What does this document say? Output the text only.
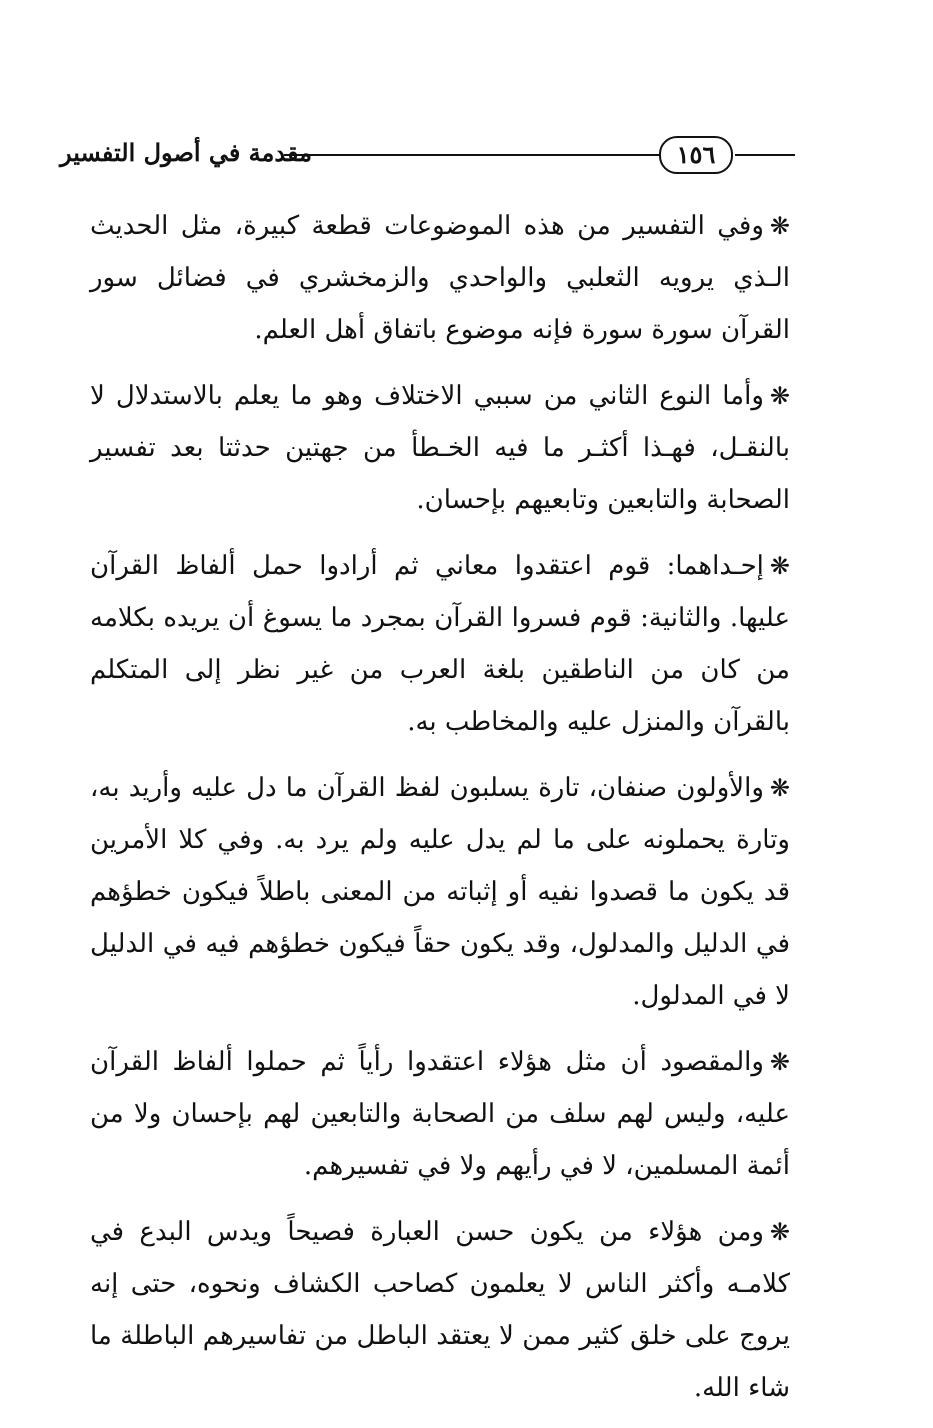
١٥٦
مقدمة في أصول التفسير

❋وفي التفسير من هذه الموضوعات قطعة كبيرة، مثل الحديث الـذي يرويه الثعلبي والواحدي والزمخشري في فضائل سور القرآن سورة سورة فإنه موضوع باتفاق أهل العلم.

❋وأما النوع الثاني من سببي الاختلاف وهو ما يعلم بالاستدلال لا بالنقـل، فهـذا أكثـر ما فيه الخـطأ من جهتين حدثتا بعد تفسير الصحابة والتابعين وتابعيهم بإحسان.

❋إحـداهما: قوم اعتقدوا معاني ثم أرادوا حمل ألفاظ القرآن عليها. والثانية: قوم فسروا القرآن بمجرد ما يسوغ أن يريده بكلامه من كان من الناطقين بلغة العرب من غير نظر إلى المتكلم بالقرآن والمنزل عليه والمخاطب به.

❋والأولون صنفان، تارة يسلبون لفظ القرآن ما دل عليه وأريد به، وتارة يحملونه على ما لم يدل عليه ولم يرد به. وفي كلا الأمرين قد يكون ما قصدوا نفيه أو إثباته من المعنى باطلاً فيكون خطؤهم في الدليل والمدلول، وقد يكون حقاً فيكون خطؤهم فيه في الدليل لا في المدلول.

❋والمقصود أن مثل هؤلاء اعتقدوا رأياً ثم حملوا ألفاظ القرآن عليه، وليس لهم سلف من الصحابة والتابعين لهم بإحسان ولا من أئمة المسلمين، لا في رأيهم ولا في تفسيرهم.

❋ومن هؤلاء من يكون حسن العبارة فصيحاً ويدس البدع في كلامـه وأكثر الناس لا يعلمون كصاحب الكشاف ونحوه، حتى إنه يروج على خلق كثير ممن لا يعتقد الباطل من تفاسيرهم الباطلة ما شاء الله.
